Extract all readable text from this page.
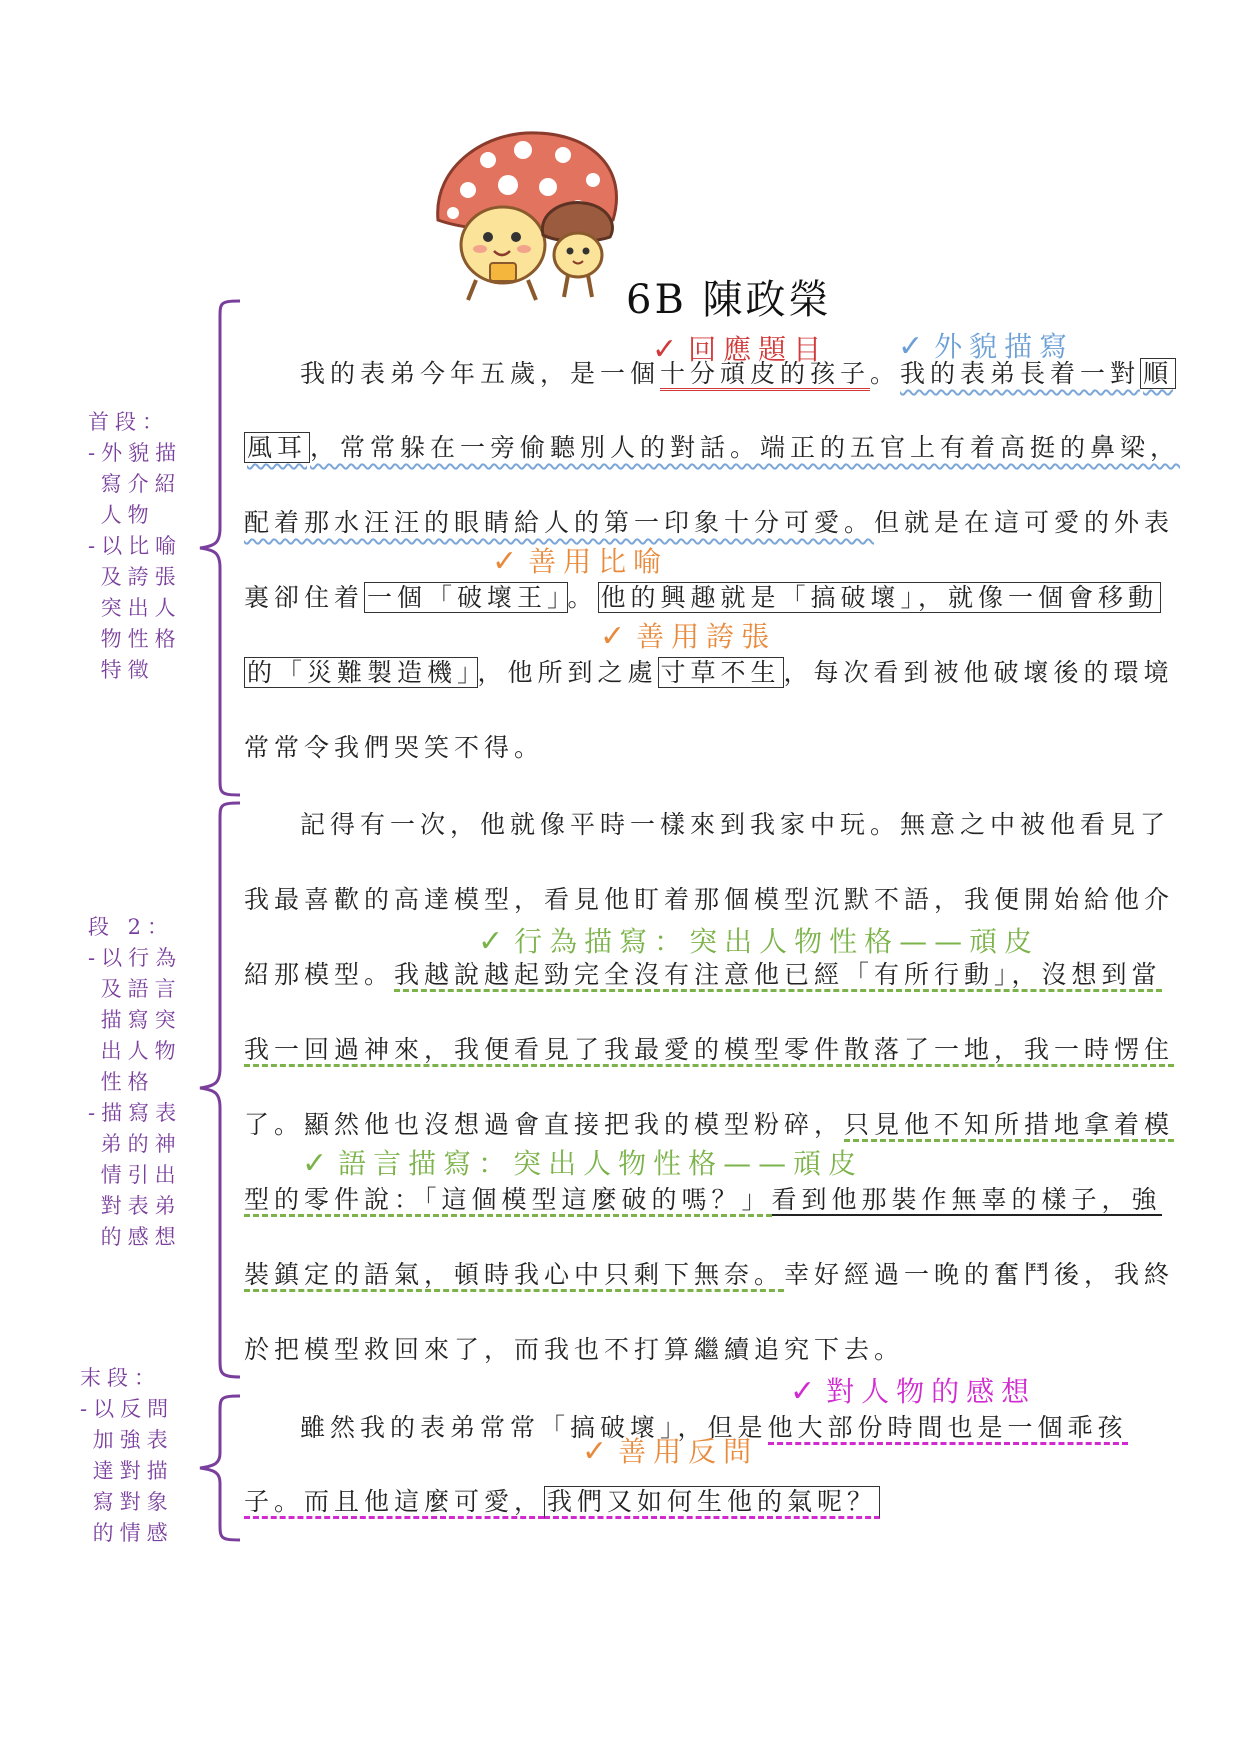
6B 陳政榮
首段：
-外貌描
寫介紹
人物
-以比喻
及誇張
突出人
物性格
特徵
段 2：
-以行為
及語言
描寫突
出人物
性格
-描寫表
弟的神
情引出
對表弟
的感想
末段：
-以反問
加強表
達對描
寫對象
的情感
✓ 回應題目 ✓ 外貌描寫
✓ 善用比喻
✓ 善用誇張
✓ 行為描寫：突出人物性格——頑皮
✓ 語言描寫：突出人物性格——頑皮
✓ 對人物的感想
✓ 善用反問
我的表弟今年五歲，是一個十分頑皮的孩子。我的表弟長着一對 順
風耳 ，常常躲在一旁偷聽別人的對話。端正的五官上有着高挺的鼻梁，
配着那水汪汪的眼睛給人的第一印象十分可愛。但就是在這可愛的外表
裏卻住着 一個「破壞王」 。 他的興趣就是「搞破壞」，就像一個會移動
的「災難製造機」 ，他所到之處 寸草不生 ，每次看到被他破壞後的環境
常常令我們哭笑不得。
記得有一次，他就像平時一樣來到我家中玩。無意之中被他看見了
我最喜歡的高達模型，看見他盯着那個模型沉默不語，我便開始給他介
紹那模型。我越說越起勁完全沒有注意他已經「有所行動」，沒想到當
我一回過神來，我便看見了我最愛的模型零件散落了一地，我一時愣住
了。顯然他也沒想過會直接把我的模型粉碎，只見他不知所措地拿着模
型的零件說：「這個模型這麼破的嗎？」看到他那裝作無辜的樣子，強
裝鎮定的語氣，頓時我心中只剩下無奈。幸好經過一晚的奮鬥後，我終
於把模型救回來了，而我也不打算繼續追究下去。
雖然我的表弟常常「搞破壞」，但是他大部份時間也是一個乖孩
子。而且他這麼可愛， 我們又如何生他的氣呢？
